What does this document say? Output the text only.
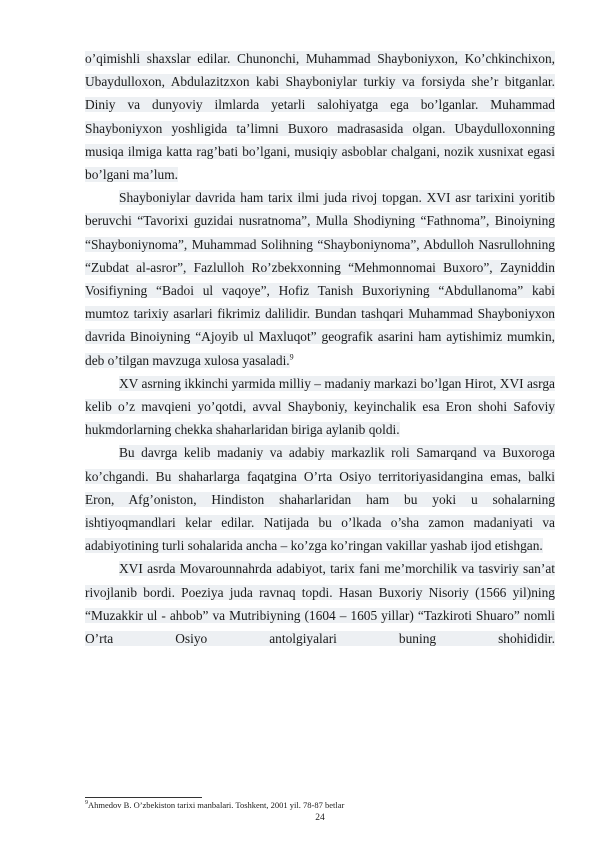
o’qimishli shaxslar edilar. Chunonchi, Muhammad Shayboniyxon, Ko’chkinchixon, Ubaydulloxon, Abdulazitzxon kabi Shayboniylar turkiy va forsiyda she’r bitganlar. Diniy va dunyoviy ilmlarda yetarli salohiyatga ega bo’lganlar. Muhammad Shayboniyxon yoshligida ta’limni Buxoro madrasasida olgan. Ubaydulloxonning musiqa ilmiga katta rag’bati bo’lgani, musiqiy asboblar chalgani, nozik xusnixat egasi bo’lgani ma’lum.

Shayboniylar davrida ham tarix ilmi juda rivoj topgan. XVI asr tarixini yoritib beruvchi “Tavorixi guzidai nusratnoma”, Mulla Shodiyning “Fathnoma”, Binoiyning “Shayboniynoma”, Muhammad Solihning “Shayboniynoma”, Abdulloh Nasrullohning “Zubdat al-asror”, Fazlulloh Ro’zbekxonning “Mehmonnomai Buxoro”, Zayniddin Vosifiyning “Badoi ul vaqoye”, Hofiz Tanish Buxoriyning “Abdullanoma” kabi mumtoz tarixiy asarlari fikrimiz dalilidir. Bundan tashqari Muhammad Shayboniyxon davrida Binoiyning “Ajoyib ul Maxluqot” geografik asarini ham aytishimiz mumkin, deb o’tilgan mavzuga xulosa yasaladi.$^9$

XV asrning ikkinchi yarmida milliy – madaniy markazi bo’lgan Hirot, XVI asrga kelib o’z mavqieni yo’qotdi, avval Shayboniy, keyinchalik esa Eron shohi Safoviy hukmdorlarning chekka shaharlaridan biriga aylanib qoldi.

Bu davrga kelib madaniy va adabiy markazlik roli Samarqand va Buxoroga ko’chgandi. Bu shaharlarga faqatgina O’rta Osiyo territoriyasidangina emas, balki Eron, Afg’oniston, Hindiston shaharlaridan ham bu yoki u sohalarning ishtiyoqmandlari kelar edilar. Natijada bu o’lkada o’sha zamon madaniyati va adabiyotining turli sohalarida ancha – ko’zga ko’ringan vakillar yashab ijod etishgan.

XVI asrda Movarounnahrda adabiyot, tarix fani me’morchilik va tasviriy san’at rivojlanib bordi. Poeziya juda ravnaq topdi. Hasan Buxoriy Nisoriy (1566 yil)ning “Muzakkir ul - ahbob” va Mutribiyning (1604 – 1605 yillar) “Tazkiroti Shuaro” nomli O’rta Osiyo antolgiyalari buning shohididir.

$^9$Ahmedov B. O’zbekiston tarixi manbalari. Toshkent, 2001 yil. 78-87 betlar
24
